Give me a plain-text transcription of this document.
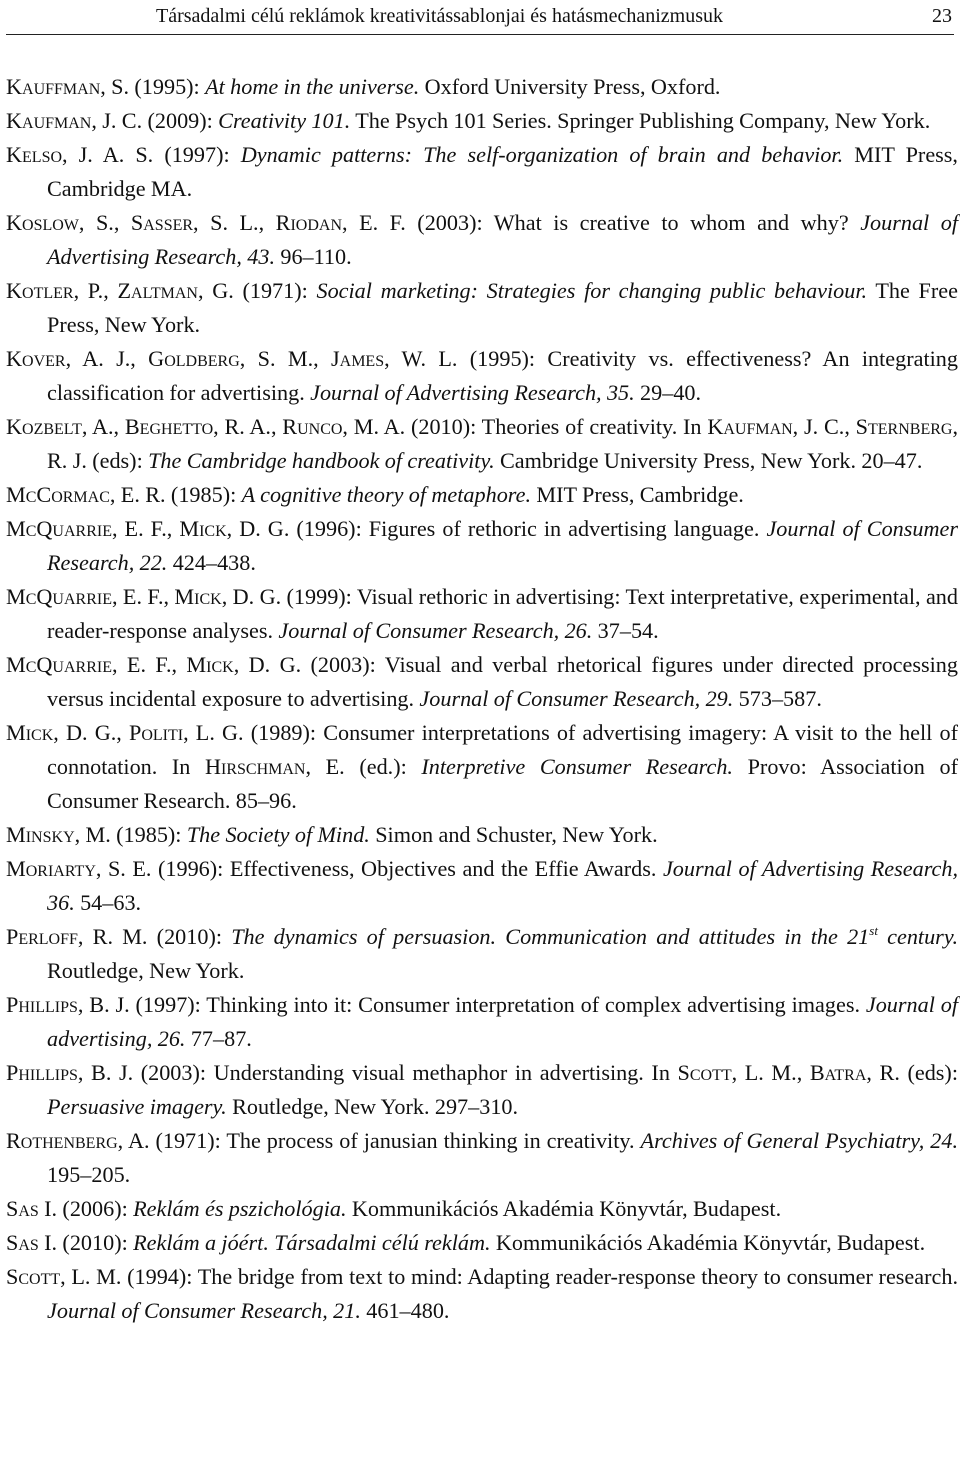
Társadalmi célú reklámok kreativitássablonjai és hatásmechanizmusuk	23
Kauffman, S. (1995): At home in the universe. Oxford University Press, Oxford.
Kaufman, J. C. (2009): Creativity 101. The Psych 101 Series. Springer Publishing Company, New York.
Kelso, J. A. S. (1997): Dynamic patterns: The self-organization of brain and behavior. MIT Press, Cambridge MA.
Koslow, S., Sasser, S. L., Riodan, E. F. (2003): What is creative to whom and why? Journal of Advertising Research, 43. 96–110.
Kotler, P., Zaltman, G. (1971): Social marketing: Strategies for changing public behaviour. The Free Press, New York.
Kover, A. J., Goldberg, S. M., James, W. L. (1995): Creativity vs. effectiveness? An integrating classification for advertising. Journal of Advertising Research, 35. 29–40.
Kozbelt, A., Beghetto, R. A., Runco, M. A. (2010): Theories of creativity. In Kaufman, J. C., Sternberg, R. J. (eds): The Cambridge handbook of creativity. Cambridge University Press, New York. 20–47.
McCormac, E. R. (1985): A cognitive theory of metaphore. MIT Press, Cambridge.
McQuarrie, E. F., Mick, D. G. (1996): Figures of rethoric in advertising language. Journal of Consumer Research, 22. 424–438.
McQuarrie, E. F., Mick, D. G. (1999): Visual rethoric in advertising: Text interpretative, experimental, and reader-response analyses. Journal of Consumer Research, 26. 37–54.
McQuarrie, E. F., Mick, D. G. (2003): Visual and verbal rhetorical figures under directed processing versus incidental exposure to advertising. Journal of Consumer Research, 29. 573–587.
Mick, D. G., Politi, L. G. (1989): Consumer interpretations of advertising imagery: A visit to the hell of connotation. In Hirschman, E. (ed.): Interpretive Consumer Research. Provo: Association of Consumer Research. 85–96.
Minsky, M. (1985): The Society of Mind. Simon and Schuster, New York.
Moriarty, S. E. (1996): Effectiveness, Objectives and the Effie Awards. Journal of Advertising Research, 36. 54–63.
Perloff, R. M. (2010): The dynamics of persuasion. Communication and attitudes in the 21st century. Routledge, New York.
Phillips, B. J. (1997): Thinking into it: Consumer interpretation of complex advertising images. Journal of advertising, 26. 77–87.
Phillips, B. J. (2003): Understanding visual methaphor in advertising. In Scott, L. M., Batra, R. (eds): Persuasive imagery. Routledge, New York. 297–310.
Rothenberg, A. (1971): The process of janusian thinking in creativity. Archives of General Psychiatry, 24. 195–205.
Sas I. (2006): Reklám és pszichológia. Kommunikációs Akadémia Könyvtár, Budapest.
Sas I. (2010): Reklám a jóért. Társadalmi célú reklám. Kommunikációs Akadémia Könyvtár, Budapest.
Scott, L. M. (1994): The bridge from text to mind: Adapting reader-response theory to consumer research. Journal of Consumer Research, 21. 461–480.
